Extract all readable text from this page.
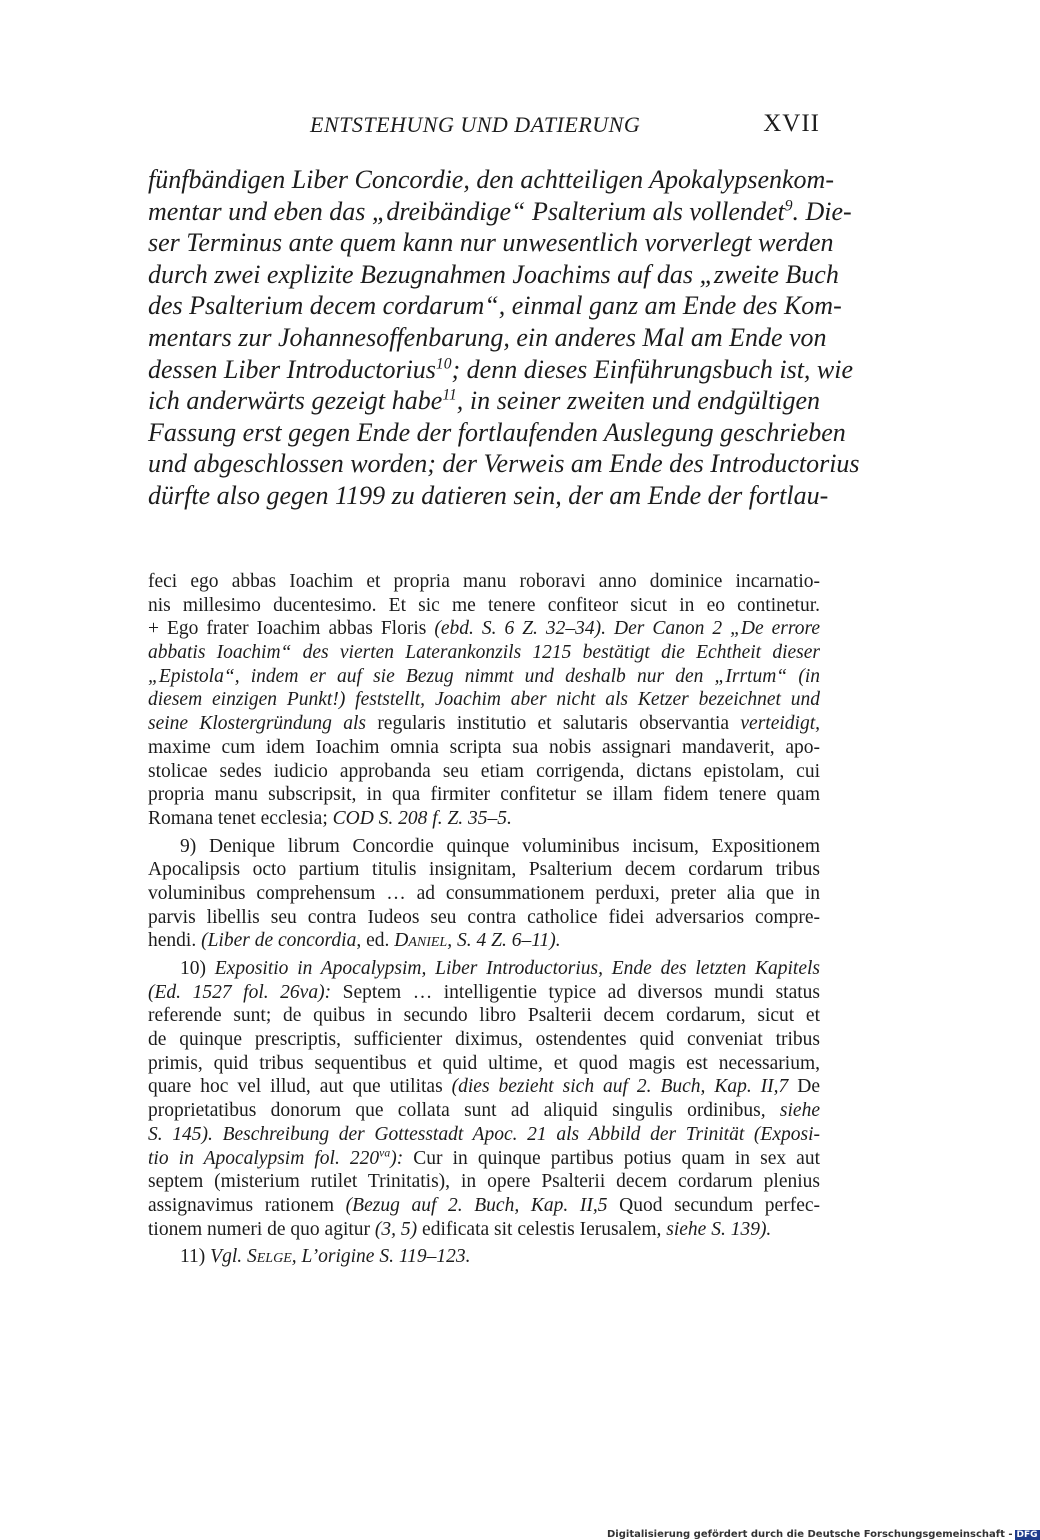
ENTSTEHUNG UND DATIERUNG	XVII
fünfbändigen Liber Concordie, den achtteiligen Apokalypsenkom-
mentar und eben das „dreibändige“ Psalterium als vollendet$^9$. Die-
ser Terminus ante quem kann nur unwesentlich vorverlegt werden
durch zwei explizite Bezugnahmen Joachims auf das „zweite Buch
des Psalterium decem cordarum“, einmal ganz am Ende des Kom-
mentars zur Johannesoffenbarung, ein anderes Mal am Ende von
dessen Liber Introductorius$^{10}$; denn dieses Einführungsbuch ist, wie
ich anderwärts gezeigt habe$^{11}$, in seiner zweiten und endgültigen
Fassung erst gegen Ende der fortlaufenden Auslegung geschrieben
und abgeschlossen worden; der Verweis am Ende des Introductorius
dürfte also gegen 1199 zu datieren sein, der am Ende der fortlau-
feci ego abbas Ioachim et propria manu roboravi anno dominice incarnatio-
nis millesimo ducentesimo. Et sic me tenere confiteor sicut in eo continetur.
+ Ego frater Ioachim abbas Floris (ebd. S. 6 Z. 32–34). Der Canon 2 „De errore
abbatis Ioachim“ des vierten Laterankonzils 1215 bestätigt die Echtheit dieser
„Epistola“, indem er auf sie Bezug nimmt und deshalb nur den „Irrtum“ (in
diesem einzigen Punkt!) feststellt, Joachim aber nicht als Ketzer bezeichnet und
seine Klostergründung als regularis institutio et salutaris observantia verteidigt,
maxime cum idem Ioachim omnia scripta sua nobis assignari mandaverit, apo-
stolicae sedes iudicio approbanda seu etiam corrigenda, dictans epistolam, cui
propria manu subscripsit, in qua firmiter confitetur se illam fidem tenere quam
Romana tenet ecclesia; COD S. 208 f. Z. 35–5.
9) Denique librum Concordie quinque voluminibus incisum, Expositionem
Apocalipsis octo partium titulis insignitam, Psalterium decem cordarum tribus
voluminibus comprehensum … ad consummationem perduxi, preter alia que in
parvis libellis seu contra Iudeos seu contra catholice fidei adversarios compre-
hendi. (Liber de concordia, ed. Daniel, S. 4 Z. 6–11).
10) Expositio in Apocalypsim, Liber Introductorius, Ende des letzten Kapitels
(Ed. 1527 fol. 26va): Septem … intelligentie typice ad diversos mundi status
referende sunt; de quibus in secundo libro Psalterii decem cordarum, sicut et
de quinque prescriptis, sufficienter diximus, ostendentes quid conveniat tribus
primis, quid tribus sequentibus et quid ultime, et quod magis est necessarium,
quare hoc vel illud, aut que utilitas (dies bezieht sich auf 2. Buch, Kap. II,7 De
proprietatibus donorum que collata sunt ad aliquid singulis ordinibus, siehe
S. 145). Beschreibung der Gottesstadt Apoc. 21 als Abbild der Trinität (Exposi-
tio in Apocalypsim fol. $220^{va}$): Cur in quinque partibus potius quam in sex aut
septem (misterium rutilet Trinitatis), in opere Psalterii decem cordarum plenius
assignavimus rationem (Bezug auf 2. Buch, Kap. II,5 Quod secundum perfec-
tionem numeri de quo agitur (3, 5) edificata sit celestis Ierusalem, siehe S. 139).
11) Vgl. Selge, L’origine S. 119–123.
Digitalisierung gefördert durch die Deutsche Forschungsgemeinschaft - DFG
